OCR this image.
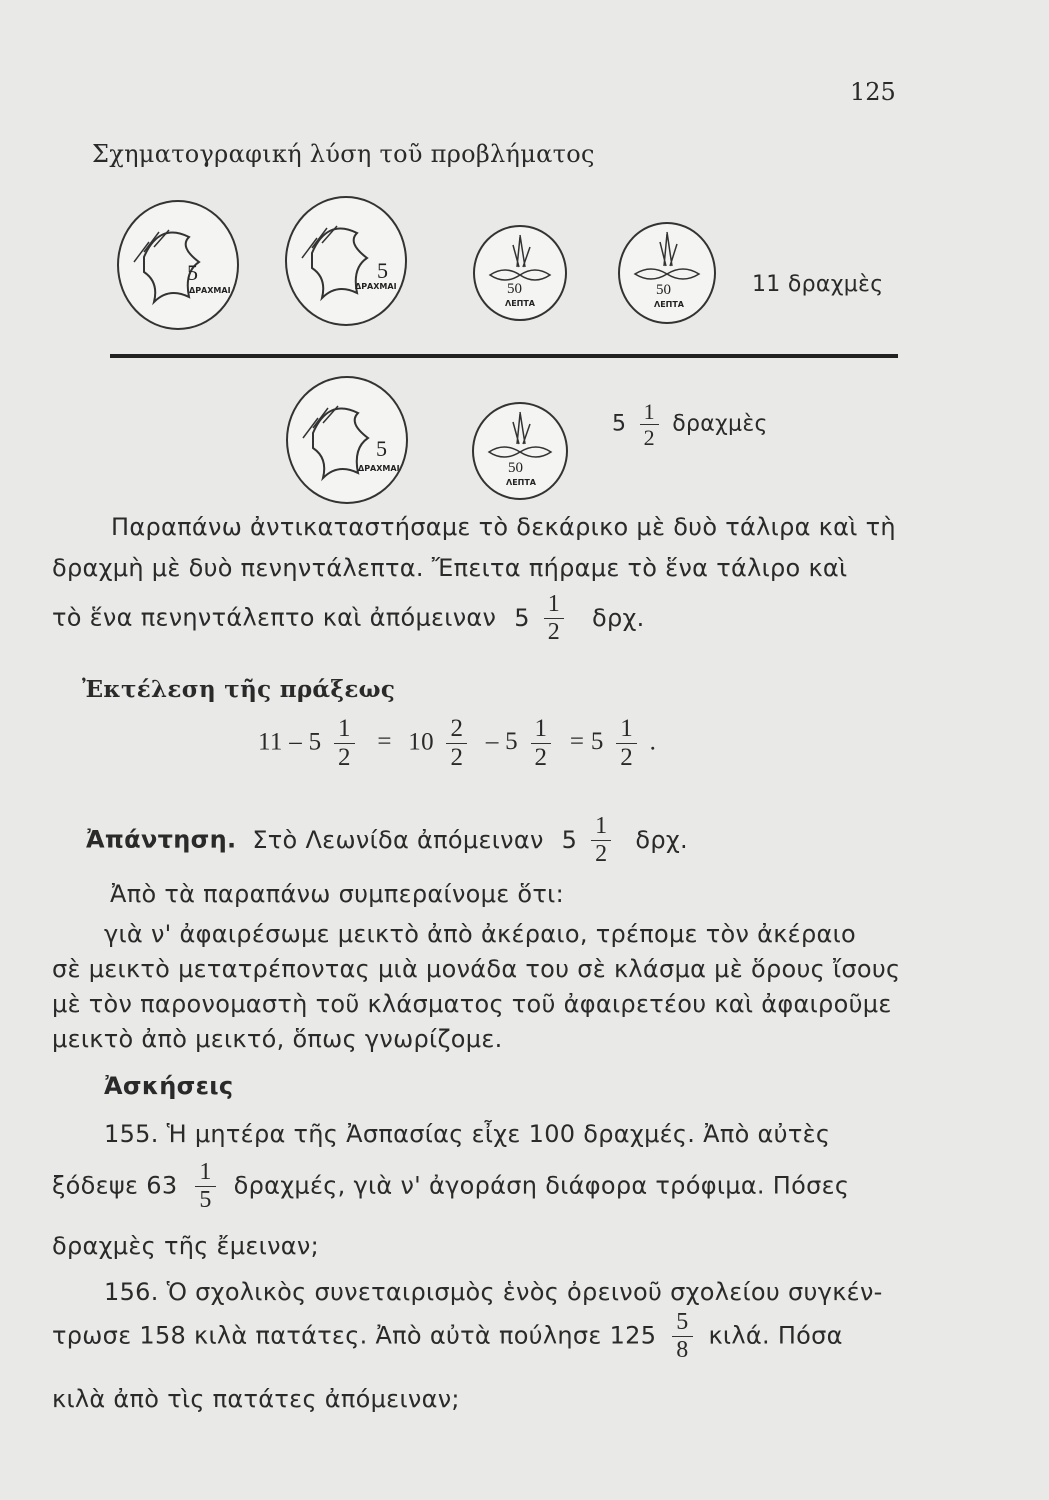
125
Σχηματογραφική λύση τοῦ προβλήματος
5
ΔΡΑΧΜΑΙ
5
ΔΡΑΧΜΑΙ	50
ΛΕΠΤΑ
50
ΛΕΠΤΑ
11 δραχμὲς
5
ΔΡΑΧΜΑΙ	50
ΛΕΠΤΑ
$5 \frac{1}{2}$ δραχμὲς
Παραπάνω ἀντικαταστήσαμε τὸ δεκάρικο μὲ δυὸ τάλιρα καὶ τὴ
δραχμὴ μὲ δυὸ πενηντάλεπτα. Ἔπειτα πήραμε τὸ ἕνα τάλιρο καὶ
τὸ ἕνα πενηντάλεπτο καὶ ἀπόμειναν $5 \frac{1}{2} \delta\rho\chi$.
Ἐκτέλεση τῆς πράξεως
$11 - 5 \frac{1}{2} = 10 \frac{2}{2} - 5 \frac{1}{2} = 5 \frac{1}{2}$ .
Ἀπάντηση. Στὸ Λεωνίδα ἀπόμειναν $5 \frac{1}{2} \delta\rho\chi$.
Ἀπὸ τὰ παραπάνω συμπεραίνομε ὅτι:
γιὰ ν' ἀφαιρέσωμε μεικτὸ ἀπὸ ἀκέραιο, τρέπομε τὸν ἀκέραιο
σὲ μεικτὸ μετατρέποντας μιὰ μονάδα του σὲ κλάσμα μὲ ὅρους ἴσους
μὲ τὸν παρονομαστὴ τοῦ κλάσματος τοῦ ἀφαιρετέου καὶ ἀφαιροῦμε
μεικτὸ ἀπὸ μεικτό, ὅπως γνωρίζομε.
Ἀσκήσεις
155. Ἡ μητέρα τῆς Ἀσπασίας εἶχε 100 δραχμές. Ἀπὸ αὐτὲς
ξόδεψε $63 \frac{1}{5} \delta\rho\alpha\chi\mu έ\varsigma$, γιὰ ν' ἀγοράση διάφορα τρόφιμα. Πόσες
δραχμὲς τῆς ἔμειναν;
156. Ὁ σχολικὸς συνεταιρισμὸς ἑνὸς ὀρεινοῦ σχολείου συγκέν-
τρωσε 158 κιλὰ πατάτες. Ἀπὸ αὐτὰ πούλησε $125 \frac{5}{8} \kappa\iota\lambda ά$. Πόσα
κιλὰ ἀπὸ τὶς πατάτες ἀπόμειναν;
